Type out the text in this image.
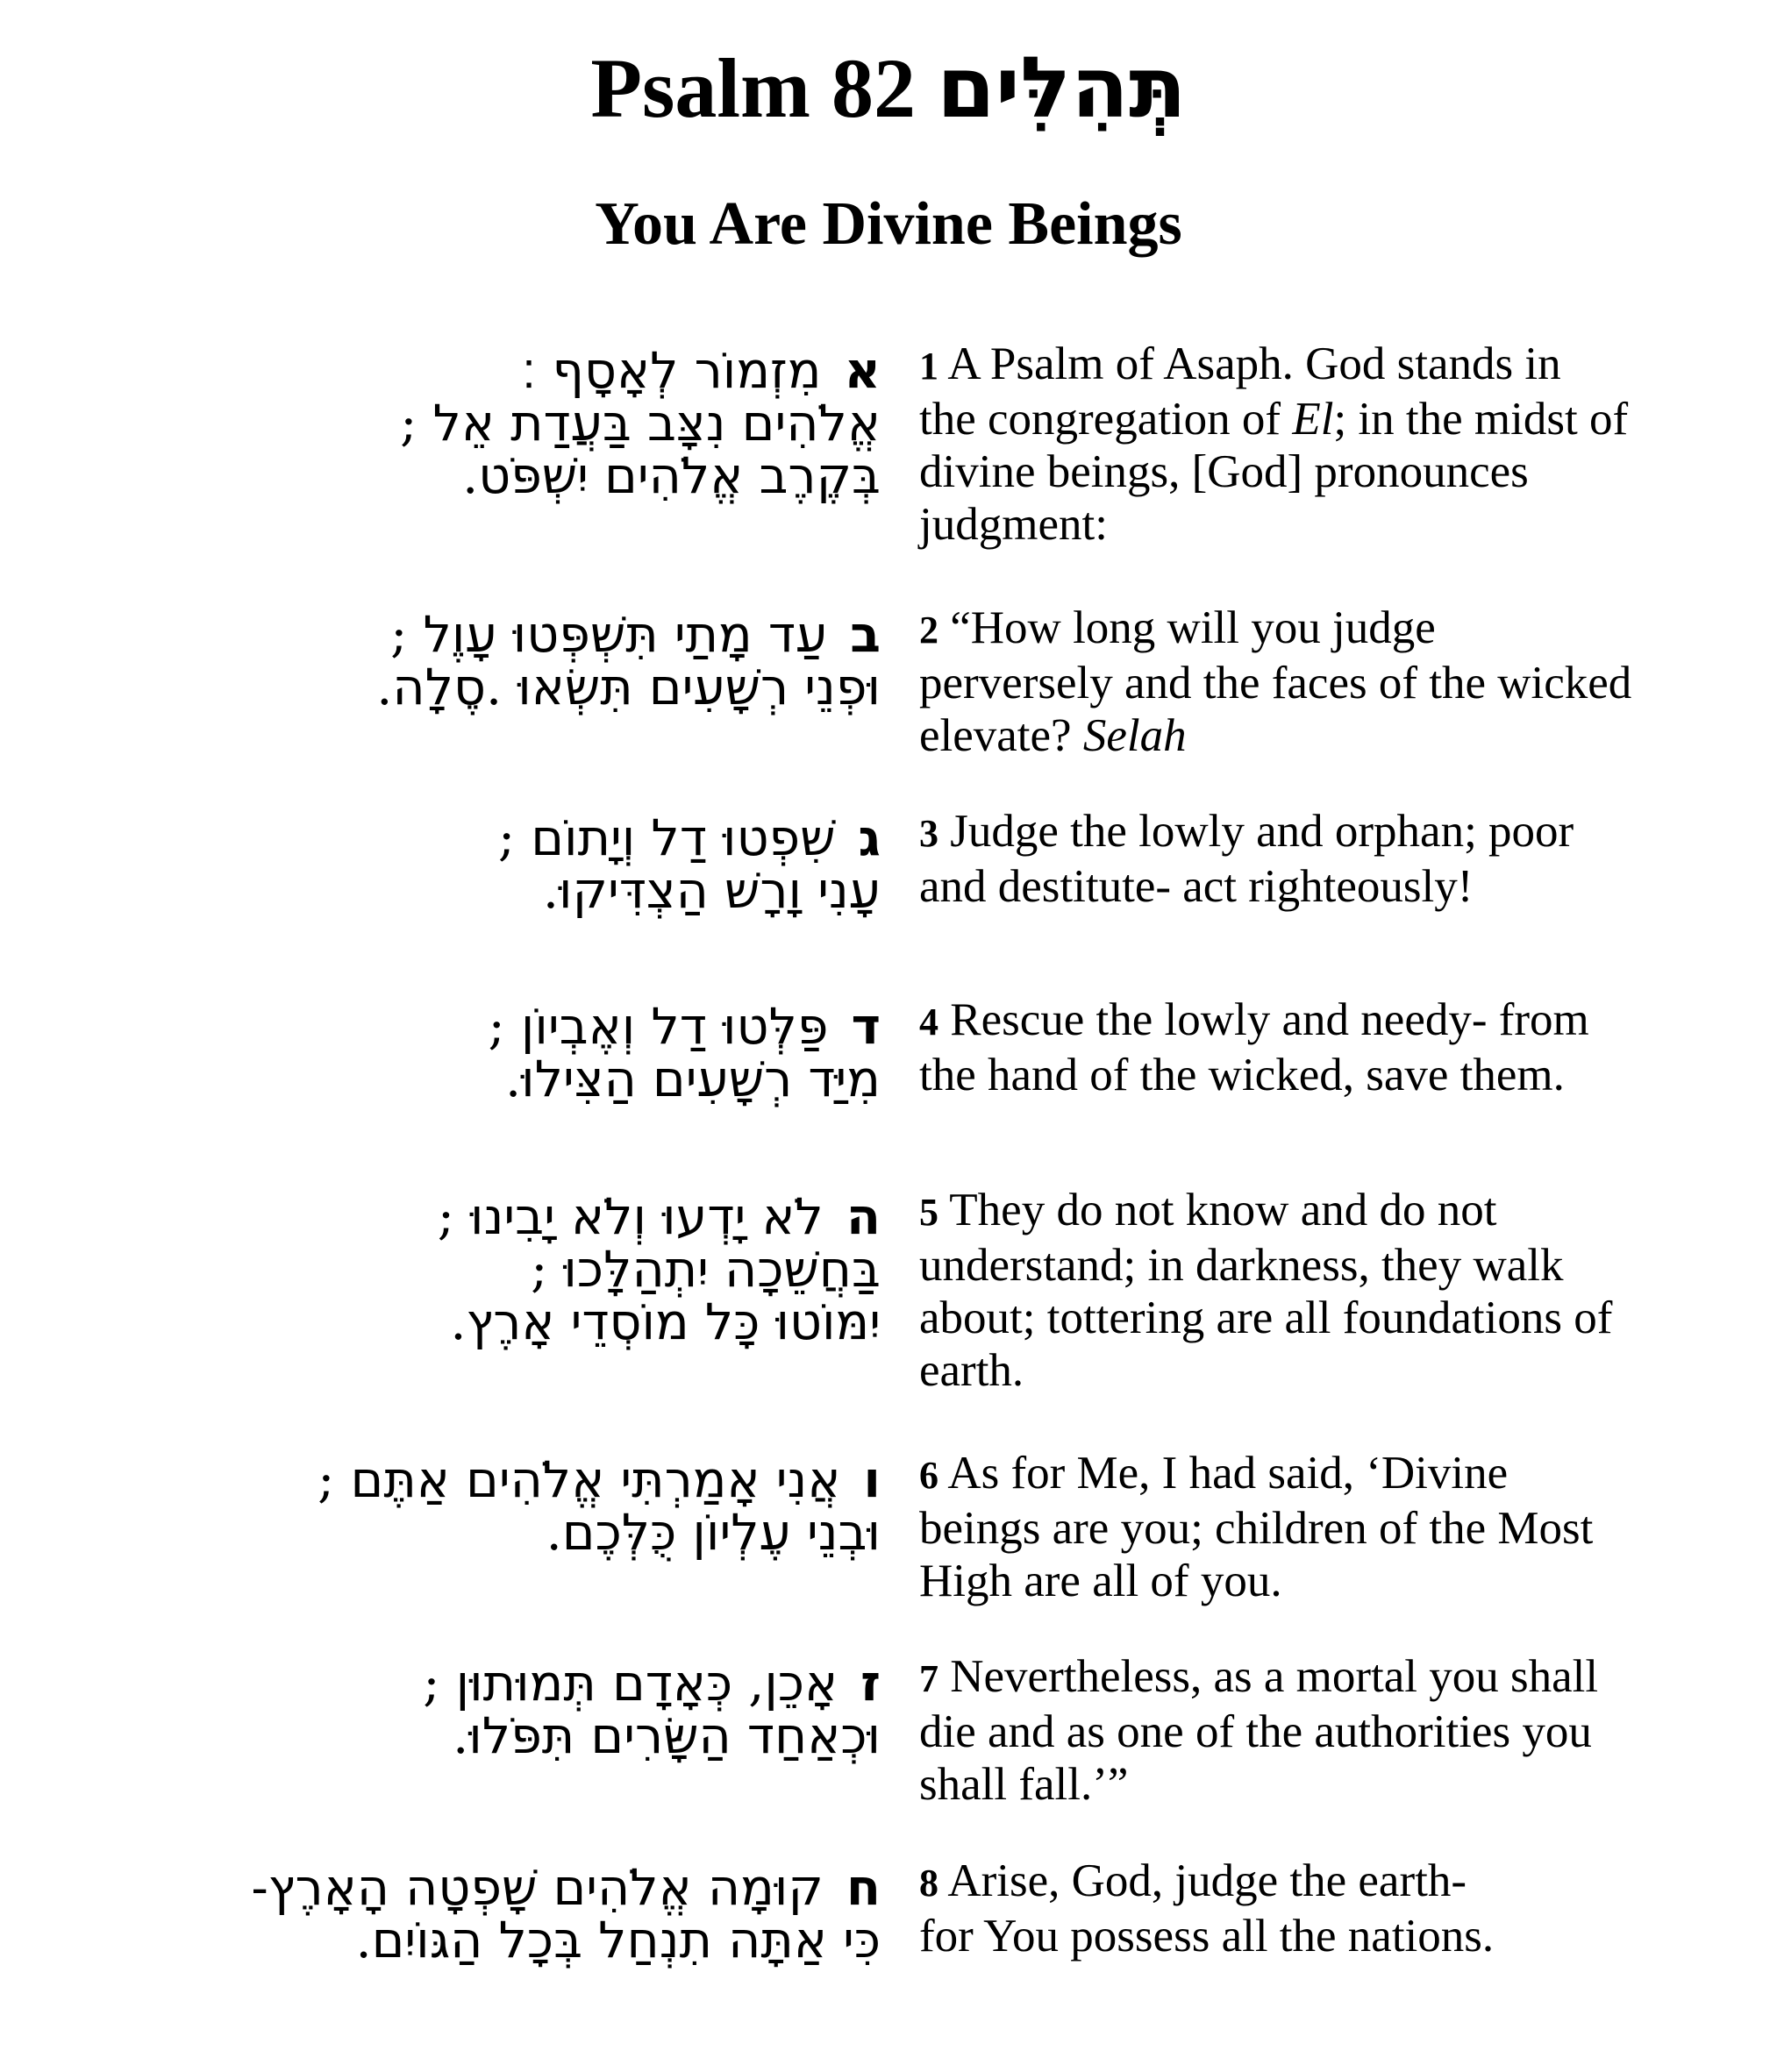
Psalm 82 תְּהִלִּים
You Are Divine Beings
אמִזְמוֹר לְאָסָף ׃
אֱלֹהִים נִצָּב בַּעֲדַת אֵל ;
בְּקֶרֶב אֱלֹהִים יִשְׁפֹּט.
1 A Psalm of Asaph. God stands in
the congregation of El; in the midst of
divine beings, [God] pronounces
judgment:
בעַד מָתַי תִּשְׁפְּטוּ עָוֶל ;
וּפְנֵי רְשָׁעִים תִּשְׂאוּ .סֶלָה.
2 “How long will you judge
perversely and the faces of the wicked
elevate? Selah
גשִׁפְטוּ דַל וְיָתוֹם ;
עָנִי וָרָשׁ הַצְדִּיקוּ.
3 Judge the lowly and orphan; poor
and destitute- act righteously!
דפַּלְּטוּ דַל וְאֶבְיוֹן ;
מִיַּד רְשָׁעִים הַצִּילוּ.
4 Rescue the lowly and needy- from
the hand of the wicked, save them.
הלֹא יָדְעוּ וְלֹא יָבִינוּ ;
בַּחֲשֵׁכָה יִתְהַלָּכוּ ;
יִמּוֹטוּ כָּל מוֹסְדֵי אָרֶץ.
5 They do not know and do not
understand; in darkness, they walk
about; tottering are all foundations of
earth.
ואֲנִי אָמַרְתִּי אֱלֹהִים אַתֶּם ;
וּבְנֵי עֶלְיוֹן כֻּלְּכֶם.
6 As for Me, I had said, ‘Divine
beings are you; children of the Most
High are all of you.
זאָכֵן, כְּאָדָם תְּמוּתוּן ;
וּכְאַחַד הַשָּׂרִים תִּפֹּלוּ.
7 Nevertheless, as a mortal you shall
die and as one of the authorities you
shall fall.’”
חקוּמָה אֱלֹהִים שָׁפְטָה הָאָרֶץ-
כִּי אַתָּה תִנְחַל בְּכָל הַגּוֹיִם.
8 Arise, God, judge the earth-
for You possess all the nations.
